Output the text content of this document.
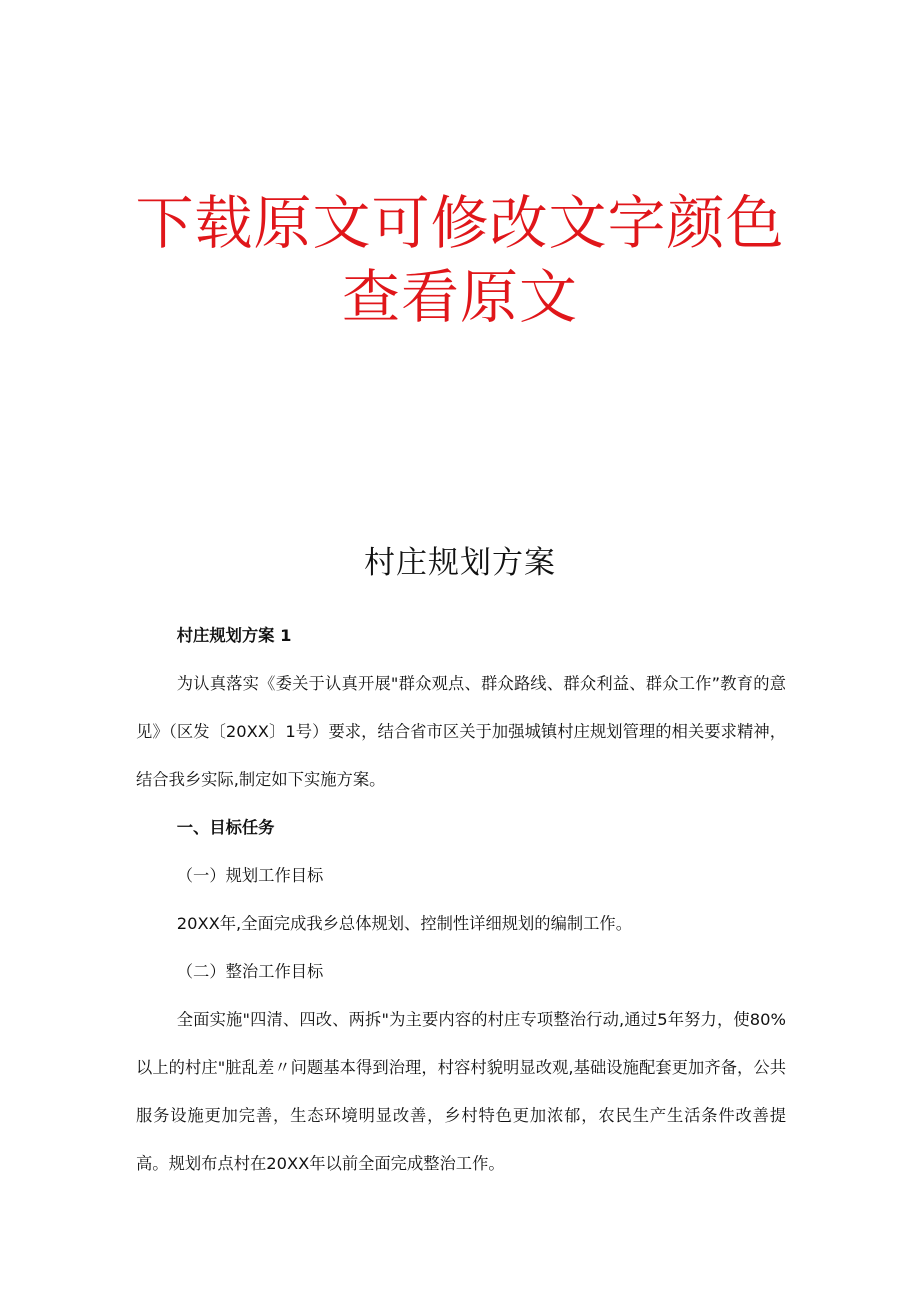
下载原文可修改文字颜色
查看原文
村庄规划方案

村庄规划方案 1

为认真落实《委关于认真开展"群众观点、群众路线、群众利益、群众工作”教育的意见》（区发〔20XX〕1号）要求，结合省市区关于加强城镇村庄规划管理的相关要求精神，结合我乡实际,制定如下实施方案。

一、目标任务

（一）规划工作目标

20XX年,全面完成我乡总体规划、控制性详细规划的编制工作。

（二）整治工作目标

全面实施"四清、四改、两拆"为主要内容的村庄专项整治行动,通过5年努力，使80%以上的村庄"脏乱差〃问题基本得到治理，村容村貌明显改观,基础设施配套更加齐备，公共服务设施更加完善，生态环境明显改善，乡村特色更加浓郁，农民生产生活条件改善提高。规划布点村在20XX年以前全面完成整治工作。
